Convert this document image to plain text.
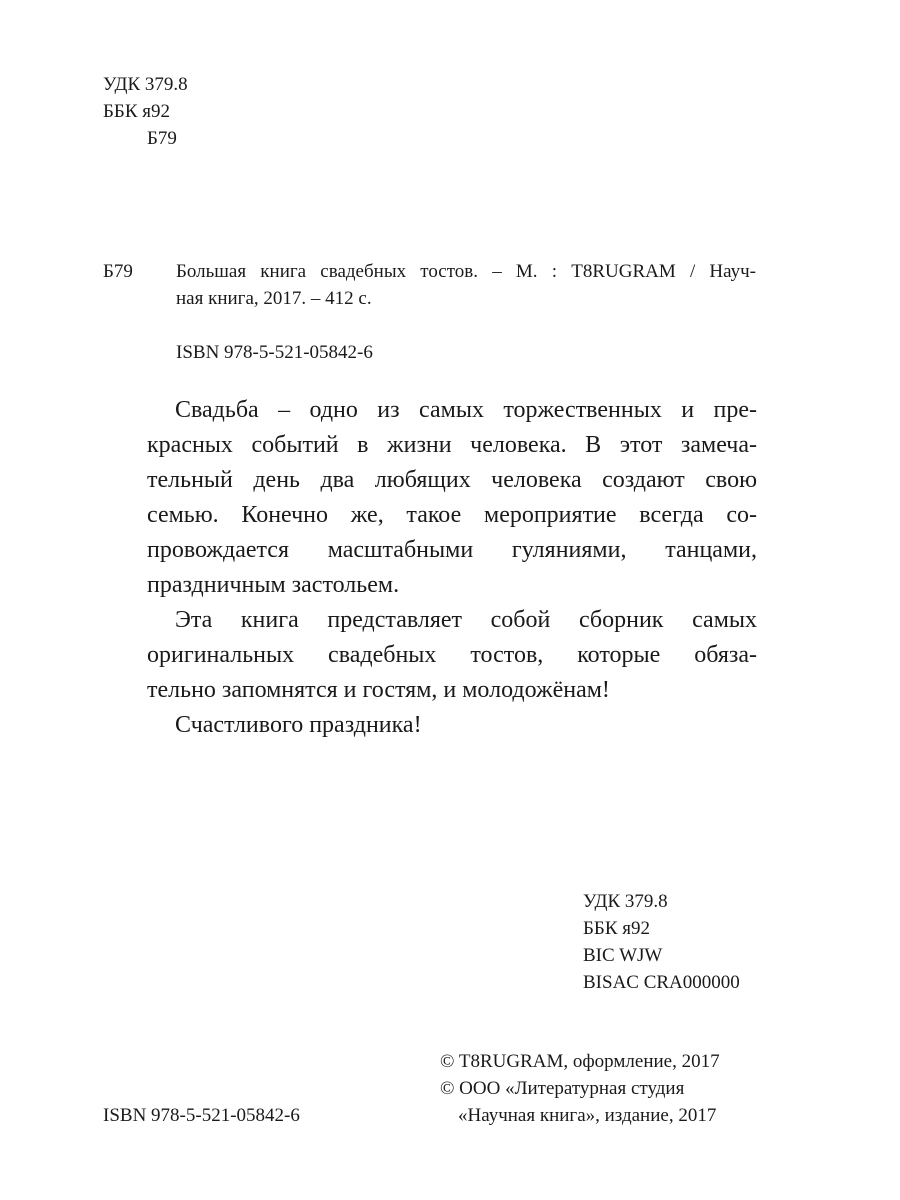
УДК 379.8
ББК я92
Б79
Б79 Большая книга свадебных тостов. – М. : T8RUGRAM / Науч-
ная книга, 2017. – 412 с.
ISBN 978-5-521-05842-6

Свадьба – одно из самых торжественных и пре-
красных событий в жизни человека. В этот замеча-
тельный день два любящих человека создают свою
семью. Конечно же, такое мероприятие всегда со-
провождается масштабными гуляниями, танцами,
праздничным застольем.

Эта книга представляет собой сборник самых
оригинальных свадебных тостов, которые обяза-
тельно запомнятся и гостям, и молодожёнам!

Счастливого праздника!

УДК 379.8
ББК я92
BIC WJW
BISAC CRA000000
© T8RUGRAM, оформление, 2017
© ООО «Литературная студия
«Научная книга», издание, 2017
ISBN 978-5-521-05842-6
